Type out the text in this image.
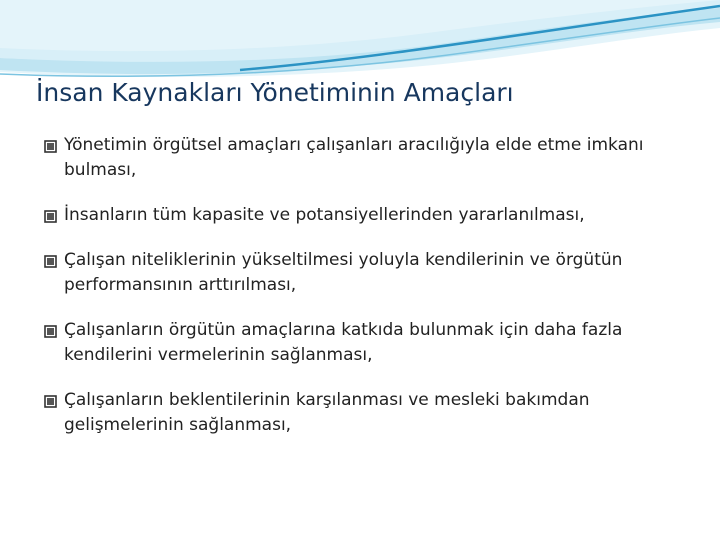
İnsan Kaynakları Yönetiminin Amaçları
Yönetimin örgütsel amaçları çalışanları aracılığıyla elde etme imkanı bulması,
İnsanların tüm kapasite ve potansiyellerinden yararlanılması,
Çalışan niteliklerinin yükseltilmesi yoluyla kendilerinin ve örgütün performansının arttırılması,
Çalışanların örgütün amaçlarına katkıda bulunmak için daha fazla kendilerini vermelerinin sağlanması,
Çalışanların beklentilerinin karşılanması ve mesleki bakımdan gelişmelerinin sağlanması,
